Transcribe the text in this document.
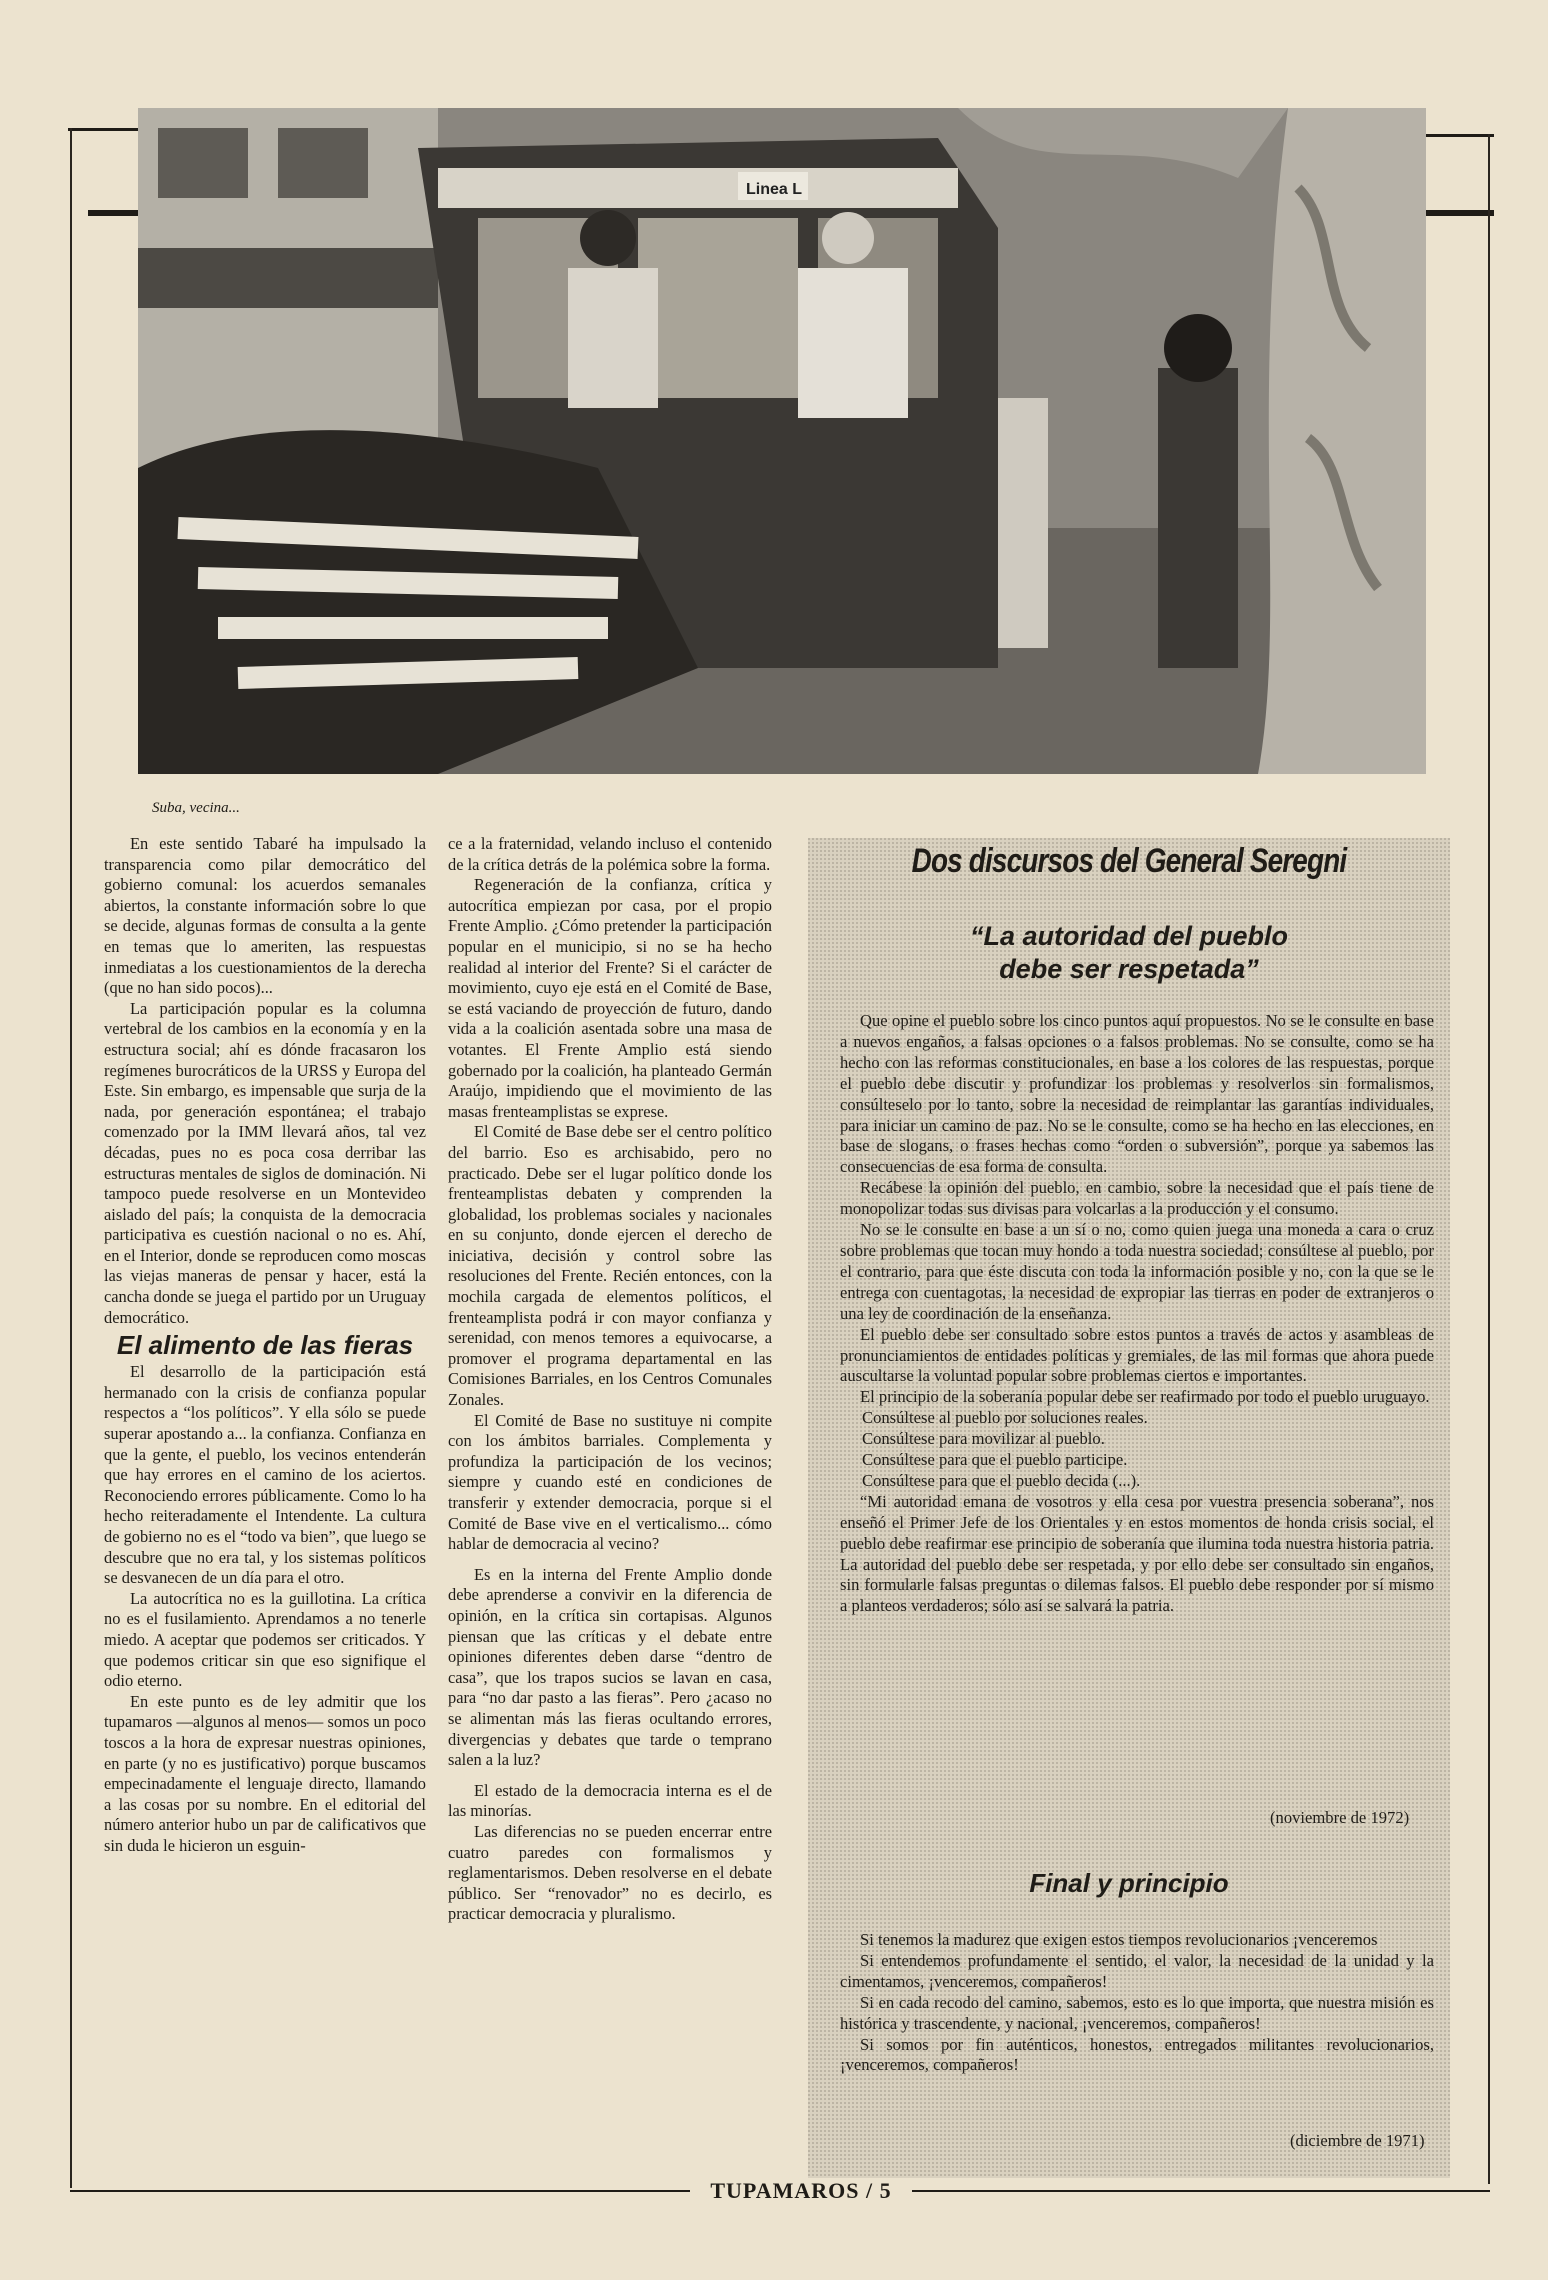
Linea L
Suba, vecina...

En este sentido Tabaré ha impulsado la transparencia como pilar democrático del gobierno comunal: los acuerdos semanales abiertos, la constante información sobre lo que se decide, algunas formas de consulta a la gente en temas que lo ameriten, las respuestas inmediatas a los cuestionamientos de la derecha (que no han sido pocos)...

La participación popular es la columna vertebral de los cambios en la economía y en la estructura social; ahí es dónde fracasaron los regímenes burocráticos de la URSS y Europa del Este. Sin embargo, es impensable que surja de la nada, por generación espontánea; el trabajo comenzado por la IMM llevará años, tal vez décadas, pues no es poca cosa derribar las estructuras mentales de siglos de dominación. Ni tampoco puede resolverse en un Montevideo aislado del país; la conquista de la democracia participativa es cuestión nacional o no es. Ahí, en el Interior, donde se reproducen como moscas las viejas maneras de pensar y hacer, está la cancha donde se juega el partido por un Uruguay democrático.

El alimento de las fieras

El desarrollo de la participación está hermanado con la crisis de confianza popular respectos a “los políticos”. Y ella sólo se puede superar apostando a... la confianza. Confianza en que la gente, el pueblo, los vecinos entenderán que hay errores en el camino de los aciertos. Reconociendo errores públicamente. Como lo ha hecho reiteradamente el Intendente. La cultura de gobierno no es el “todo va bien”, que luego se descubre que no era tal, y los sistemas políticos se desvanecen de un día para el otro.

La autocrítica no es la guillotina. La crítica no es el fusilamiento. Aprendamos a no tenerle miedo. A aceptar que podemos ser criticados. Y que podemos criticar sin que eso signifique el odio eterno.

En este punto es de ley admitir que los tupamaros —algunos al menos— somos un poco toscos a la hora de expresar nuestras opiniones, en parte (y no es justificativo) porque buscamos empecinadamente el lenguaje directo, llamando a las cosas por su nombre. En el editorial del número anterior hubo un par de calificativos que sin duda le hicieron un esguin-

ce a la fraternidad, velando incluso el contenido de la crítica detrás de la polémica sobre la forma.

Regeneración de la confianza, crítica y autocrítica empiezan por casa, por el propio Frente Amplio. ¿Cómo pretender la participación popular en el municipio, si no se ha hecho realidad al interior del Frente? Si el carácter de movimiento, cuyo eje está en el Comité de Base, se está vaciando de proyección de futuro, dando vida a la coalición asentada sobre una masa de votantes. El Frente Amplio está siendo gobernado por la coalición, ha planteado Germán Araújo, impidiendo que el movimiento de las masas frenteamplistas se exprese.

El Comité de Base debe ser el centro político del barrio. Eso es archisabido, pero no practicado. Debe ser el lugar político donde los frenteamplistas debaten y comprenden la globalidad, los problemas sociales y nacionales en su conjunto, donde ejercen el derecho de iniciativa, decisión y control sobre las resoluciones del Frente. Recién entonces, con la mochila cargada de elementos políticos, el frenteamplista podrá ir con mayor confianza y serenidad, con menos temores a equivocarse, a promover el programa departamental en las Comisiones Barriales, en los Centros Comunales Zonales.

El Comité de Base no sustituye ni compite con los ámbitos barriales. Complementa y profundiza la participación de los vecinos; siempre y cuando esté en condiciones de transferir y extender democracia, porque si el Comité de Base vive en el verticalismo... cómo hablar de democracia al vecino?

Es en la interna del Frente Amplio donde debe aprenderse a convivir en la diferencia de opinión, en la crítica sin cortapisas. Algunos piensan que las críticas y el debate entre opiniones diferentes deben darse “dentro de casa”, que los trapos sucios se lavan en casa, para “no dar pasto a las fieras”. Pero ¿acaso no se alimentan más las fieras ocultando errores, divergencias y debates que tarde o temprano salen a la luz?

El estado de la democracia interna es el de las minorías.

Las diferencias no se pueden encerrar entre cuatro paredes con formalismos y reglamentarismos. Deben resolverse en el debate público. Ser “renovador” no es decirlo, es practicar democracia y pluralismo.

Dos discursos del General Seregni
“La autoridad del pueblo
debe ser respetada”

Que opine el pueblo sobre los cinco puntos aquí propuestos. No se le consulte en base a nuevos engaños, a falsas opciones o a falsos problemas. No se consulte, como se ha hecho con las reformas constitucionales, en base a los colores de las respuestas, porque el pueblo debe discutir y profundizar los problemas y resolverlos sin formalismos, consúlteselo por lo tanto, sobre la necesidad de reimplantar las garantías individuales, para iniciar un camino de paz. No se le consulte, como se ha hecho en las elecciones, en base de slogans, o frases hechas como “orden o subversión”, porque ya sabemos las consecuencias de esa forma de consulta.

Recábese la opinión del pueblo, en cambio, sobre la necesidad que el país tiene de monopolizar todas sus divisas para volcarlas a la producción y el consumo.

No se le consulte en base a un sí o no, como quien juega una moneda a cara o cruz sobre problemas que tocan muy hondo a toda nuestra sociedad; consúltese al pueblo, por el contrario, para que éste discuta con toda la información posible y no, con la que se le entrega con cuentagotas, la necesidad de expropiar las tierras en poder de extranjeros o una ley de coordinación de la enseñanza.

El pueblo debe ser consultado sobre estos puntos a través de actos y asambleas de pronunciamientos de entidades políticas y gremiales, de las mil formas que ahora puede auscultarse la voluntad popular sobre problemas ciertos e importantes.

El principio de la soberanía popular debe ser reafirmado por todo el pueblo uruguayo.

Consúltese al pueblo por soluciones reales.

Consúltese para movilizar al pueblo.

Consúltese para que el pueblo participe.

Consúltese para que el pueblo decida (...).

“Mi autoridad emana de vosotros y ella cesa por vuestra presencia soberana”, nos enseñó el Primer Jefe de los Orientales y en estos momentos de honda crisis social, el pueblo debe reafirmar ese principio de soberanía que ilumina toda nuestra historia patria. La autoridad del pueblo debe ser respetada, y por ello debe ser consultado sin engaños, sin formularle falsas preguntas o dilemas falsos. El pueblo debe responder por sí mismo a planteos verdaderos; sólo así se salvará la patria.

(noviembre de 1972)
Final y principio

Si tenemos la madurez que exigen estos tiempos revolucionarios ¡venceremos

Si entendemos profundamente el sentido, el valor, la necesidad de la unidad y la cimentamos, ¡venceremos, compañeros!

Si en cada recodo del camino, sabemos, esto es lo que importa, que nuestra misión es histórica y trascendente, y nacional, ¡venceremos, compañeros!

Si somos por fin auténticos, honestos, entregados militantes revolucionarios, ¡venceremos, compañeros!

(diciembre de 1971)
TUPAMAROS / 5
